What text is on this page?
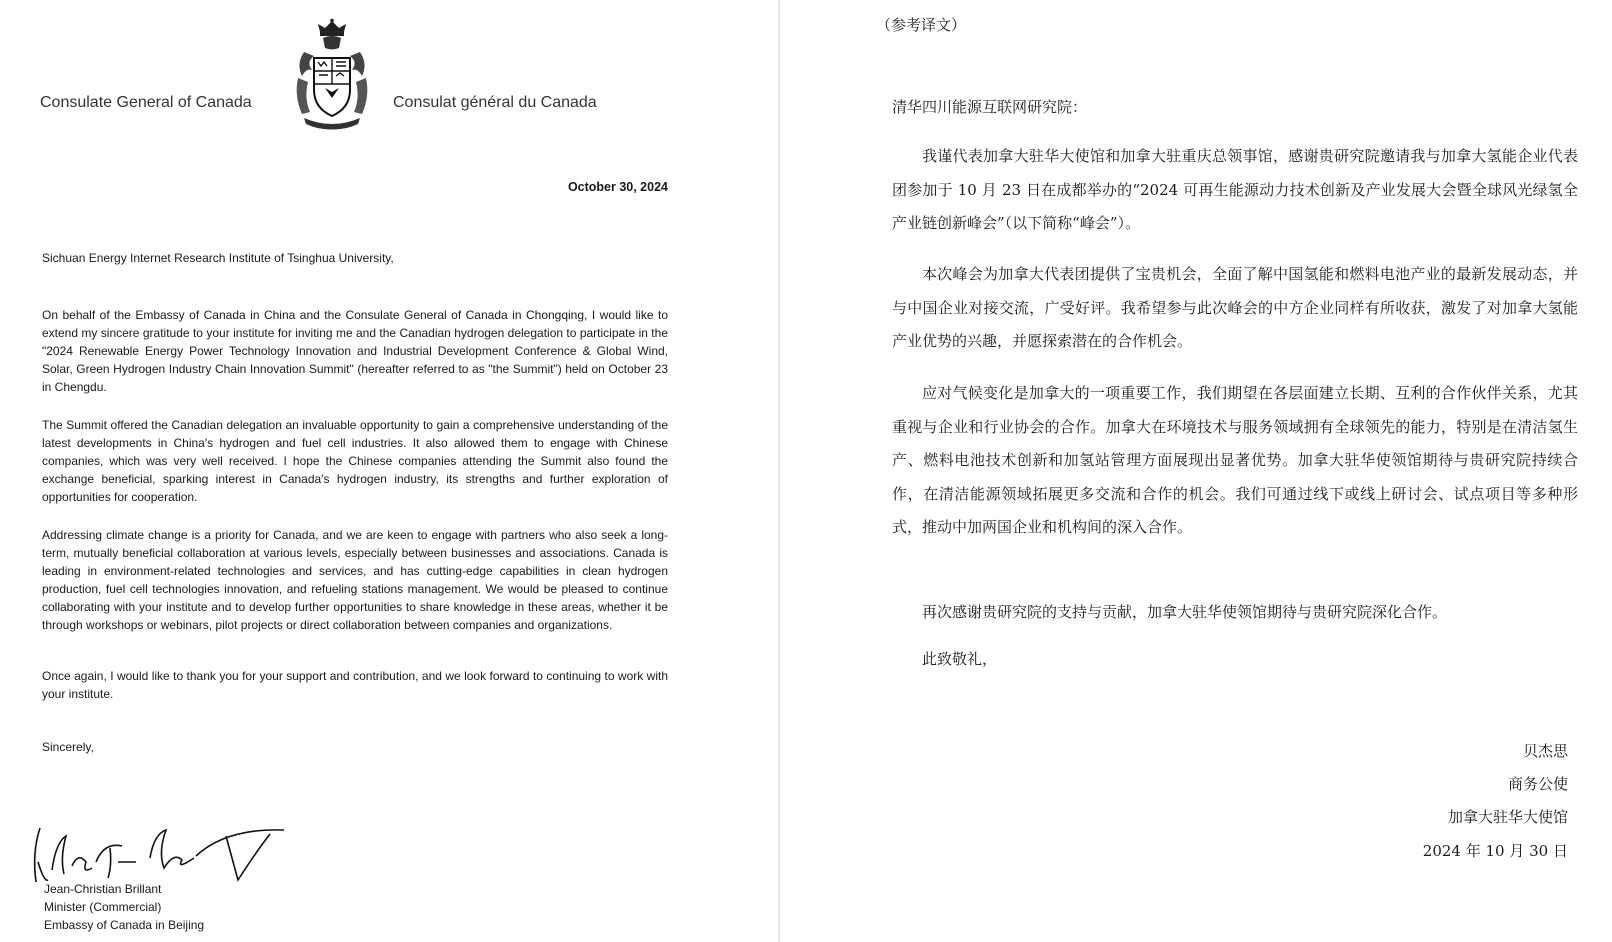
Consulate General of Canada	Consulat général du Canada
October 30, 2024
Sichuan Energy Internet Research Institute of Tsinghua University,

On behalf of the Embassy of Canada in China and the Consulate General of Canada in Chongqing, I would like to extend my sincere gratitude to your institute for inviting me and the Canadian hydrogen delegation to participate in the "2024 Renewable Energy Power Technology Innovation and Industrial Development Conference & Global Wind, Solar, Green Hydrogen Industry Chain Innovation Summit" (hereafter referred to as "the Summit") held on October 23 in Chengdu.

The Summit offered the Canadian delegation an invaluable opportunity to gain a comprehensive understanding of the latest developments in China's hydrogen and fuel cell industries. It also allowed them to engage with Chinese companies, which was very well received. I hope the Chinese companies attending the Summit also found the exchange beneficial, sparking interest in Canada's hydrogen industry, its strengths and further exploration of opportunities for cooperation.

Addressing climate change is a priority for Canada, and we are keen to engage with partners who also seek a long-term, mutually beneficial collaboration at various levels, especially between businesses and associations. Canada is leading in environment-related technologies and services, and has cutting-edge capabilities in clean hydrogen production, fuel cell technologies innovation, and refueling stations management. We would be pleased to continue collaborating with your institute and to develop further opportunities to share knowledge in these areas, whether it be through workshops or webinars, pilot projects or direct collaboration between companies and organizations.

Once again, I would like to thank you for your support and contribution, and we look forward to continuing to work with your institute.

Sincerely,
Jean-Christian Brillant
Minister (Commercial)
Embassy of Canada in Beijing
（参考译文）
清华四川能源互联网研究院：

我谨代表加拿大驻华大使馆和加拿大驻重庆总领事馆，感谢贵研究院邀请我与加拿大氢能企业代表团参加于 10 月 23 日在成都举办的“2024 可再生能源动力技术创新及产业发展大会暨全球风光绿氢全产业链创新峰会”（以下简称“峰会”）。

本次峰会为加拿大代表团提供了宝贵机会，全面了解中国氢能和燃料电池产业的最新发展动态，并与中国企业对接交流，广受好评。我希望参与此次峰会的中方企业同样有所收获，激发了对加拿大氢能产业优势的兴趣，并愿探索潜在的合作机会。

应对气候变化是加拿大的一项重要工作，我们期望在各层面建立长期、互利的合作伙伴关系，尤其重视与企业和行业协会的合作。加拿大在环境技术与服务领域拥有全球领先的能力，特别是在清洁氢生产、燃料电池技术创新和加氢站管理方面展现出显著优势。加拿大驻华使领馆期待与贵研究院持续合作，在清洁能源领域拓展更多交流和合作的机会。我们可通过线下或线上研讨会、试点项目等多种形式，推动中加两国企业和机构间的深入合作。

再次感谢贵研究院的支持与贡献，加拿大驻华使领馆期待与贵研究院深化合作。

此致敬礼，

贝杰思
商务公使
加拿大驻华大使馆
2024 年 10 月 30 日
